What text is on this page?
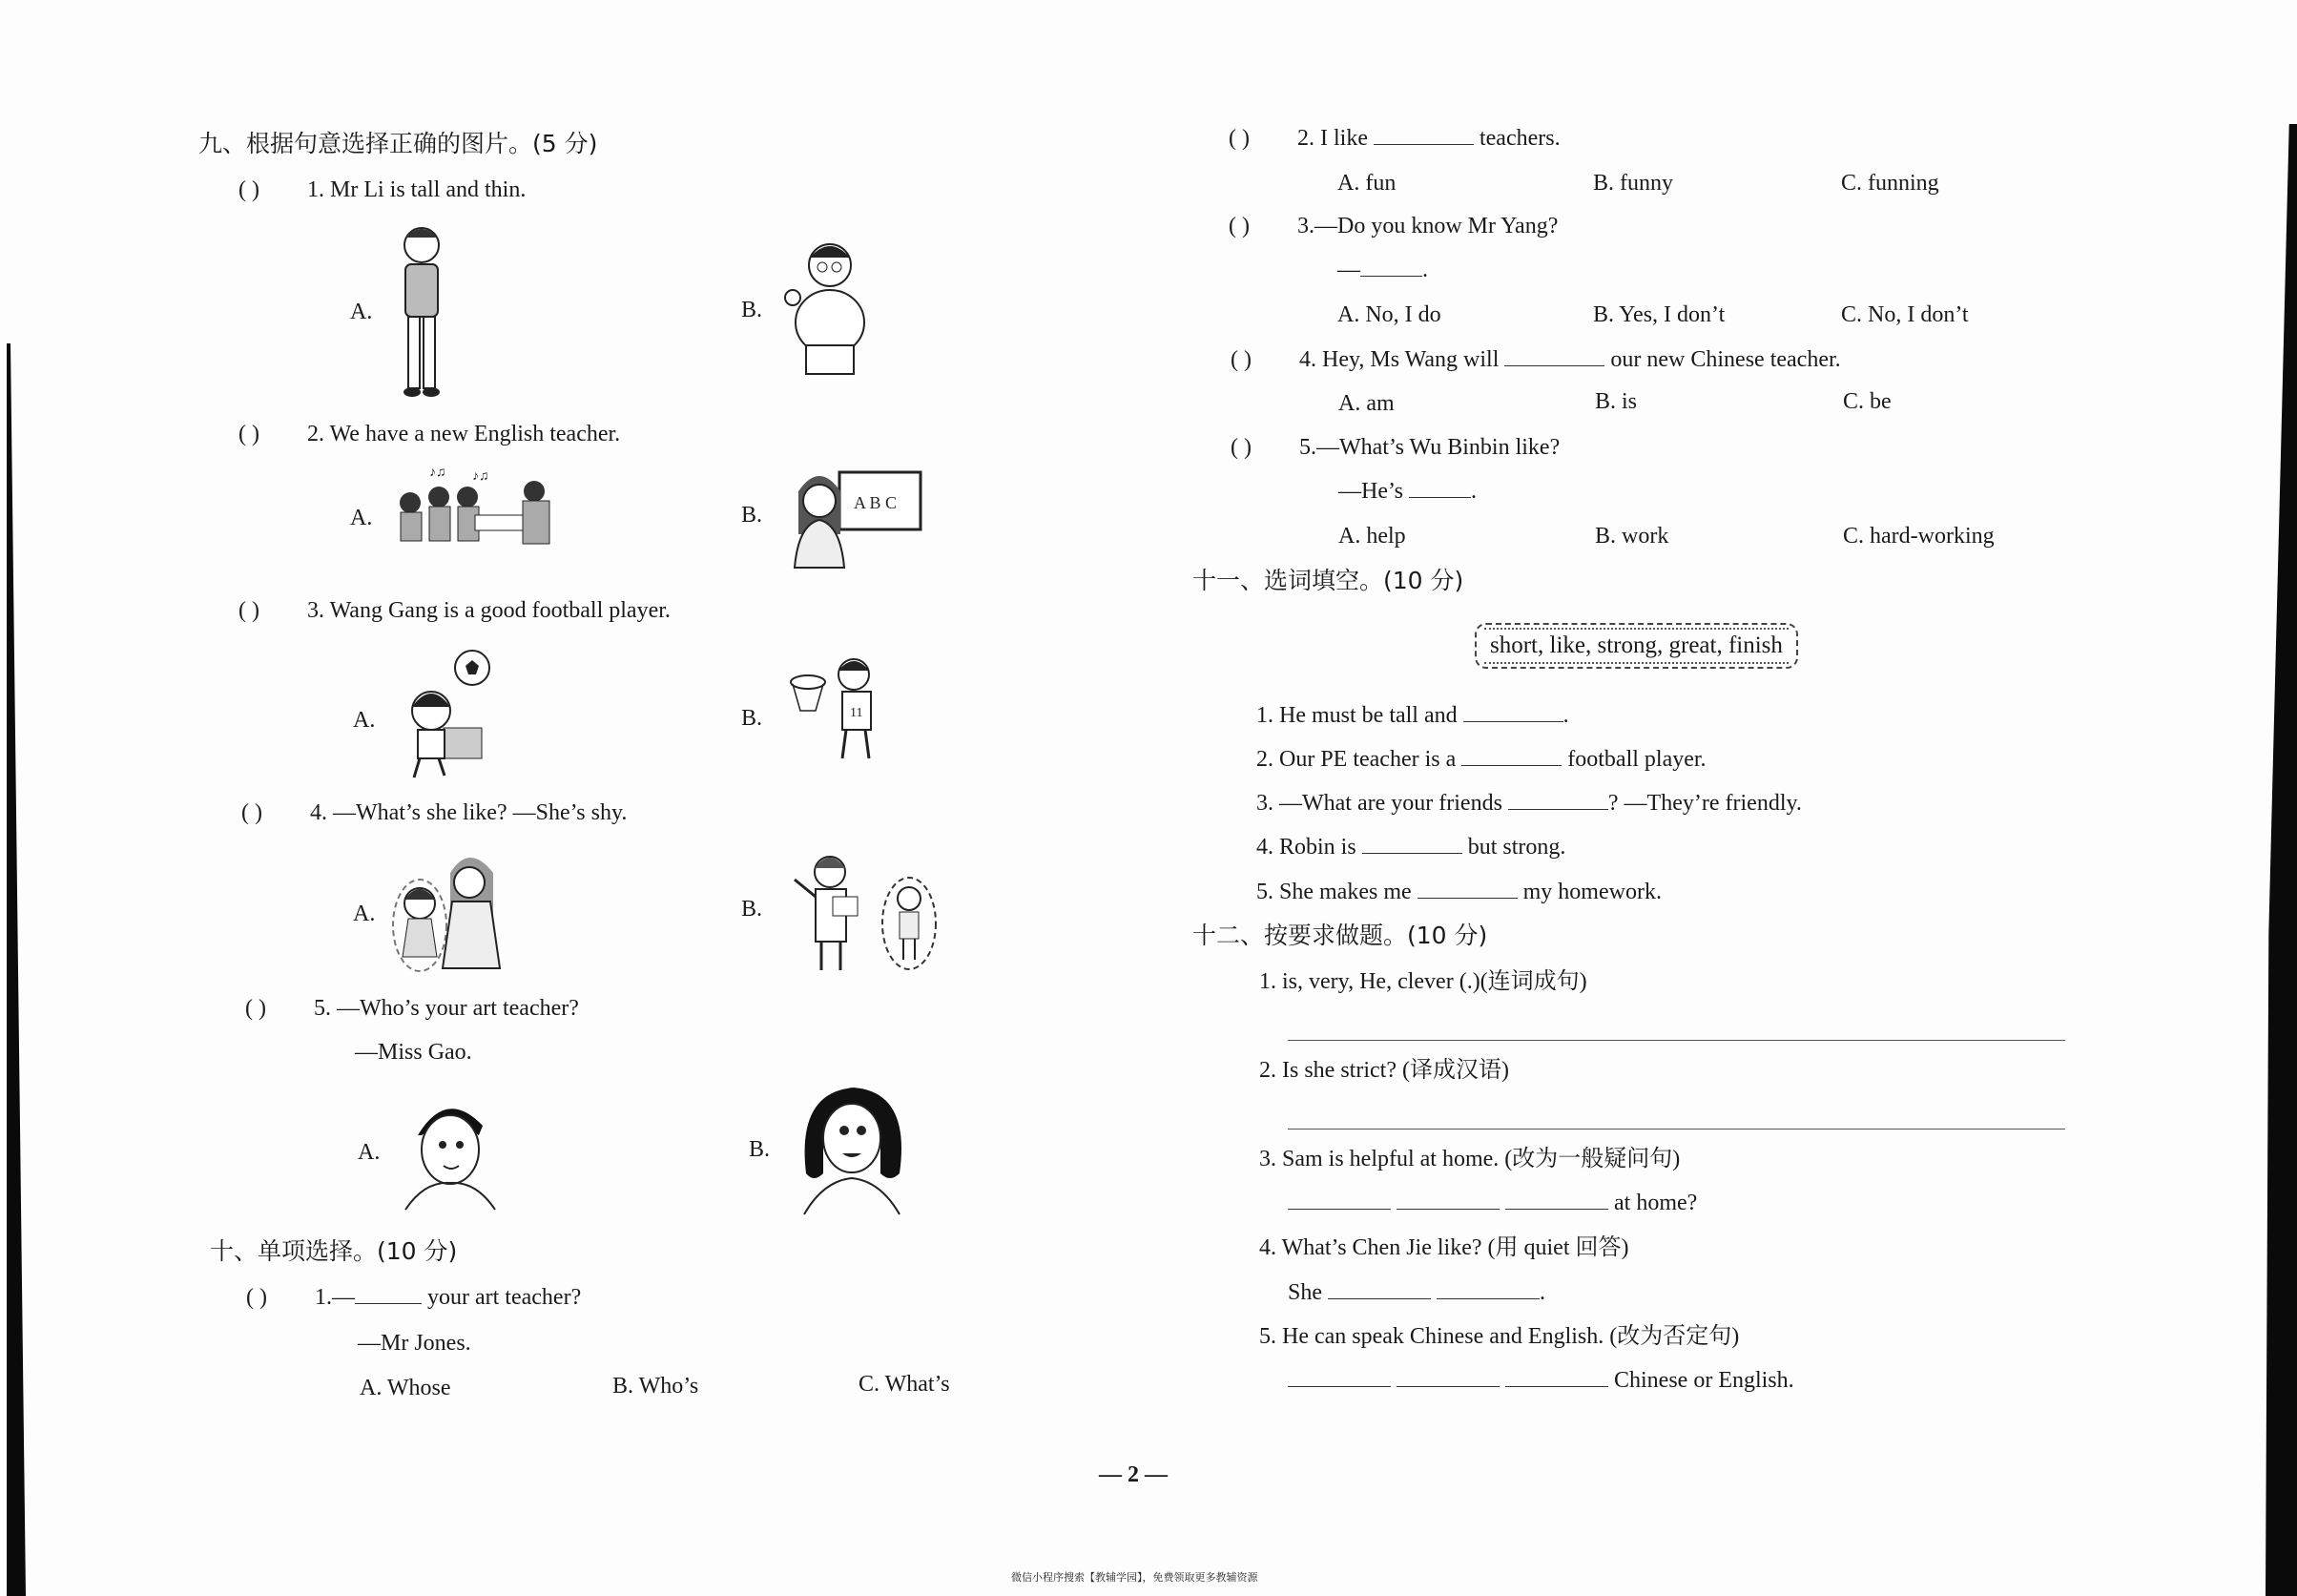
九、根据句意选择正确的图片。(5 分)
( ) 1. Mr Li is tall and thin.
A.	B.
( ) 2. We have a new English teacher.
A.
♪♫ ♪♫
B.	A B C
( ) 3. Wang Gang is a good football player.
A.	B.	11
( ) 4. —What’s she like? —She’s shy.
A.	B.
( ) 5. —Who’s your art teacher?
—Miss Gao.
A.	B.
十、单项选择。(10 分)
( ) 1.—	your art teacher?
—Mr Jones.
A. Whose	B. Who’s	C. What’s
( ) 2. I like	teachers.
A. fun	B. funny	C. funning
( ) 3.—Do you know Mr Yang?
—	.
A. No, I do	B. Yes, I don’t	C. No, I don’t
( ) 4. Hey, Ms Wang will	our new Chinese teacher.
A. am	B. is	C. be
( ) 5.—What’s Wu Binbin like?
—He’s	.
A. help	B. work	C. hard-working
十一、选词填空。(10 分)
short, like, strong, great, finish
1. He must be tall and	.
2. Our PE teacher is a	football player.
3. —What are your friends	? —They’re friendly.
4. Robin is	but strong.
5. She makes me	my homework.
十二、按要求做题。(10 分)
1. is, very, He, clever (.)(连词成句)
2. Is she strict? (译成汉语)
3. Sam is helpful at home. (改为一般疑问句)
at home?
4. What’s Chen Jie like? (用 quiet 回答)
She	.
5. He can speak Chinese and English. (改为否定句)
Chinese or English.
— 2 —
微信小程序搜索【教辅学园】，免费领取更多教辅资源
